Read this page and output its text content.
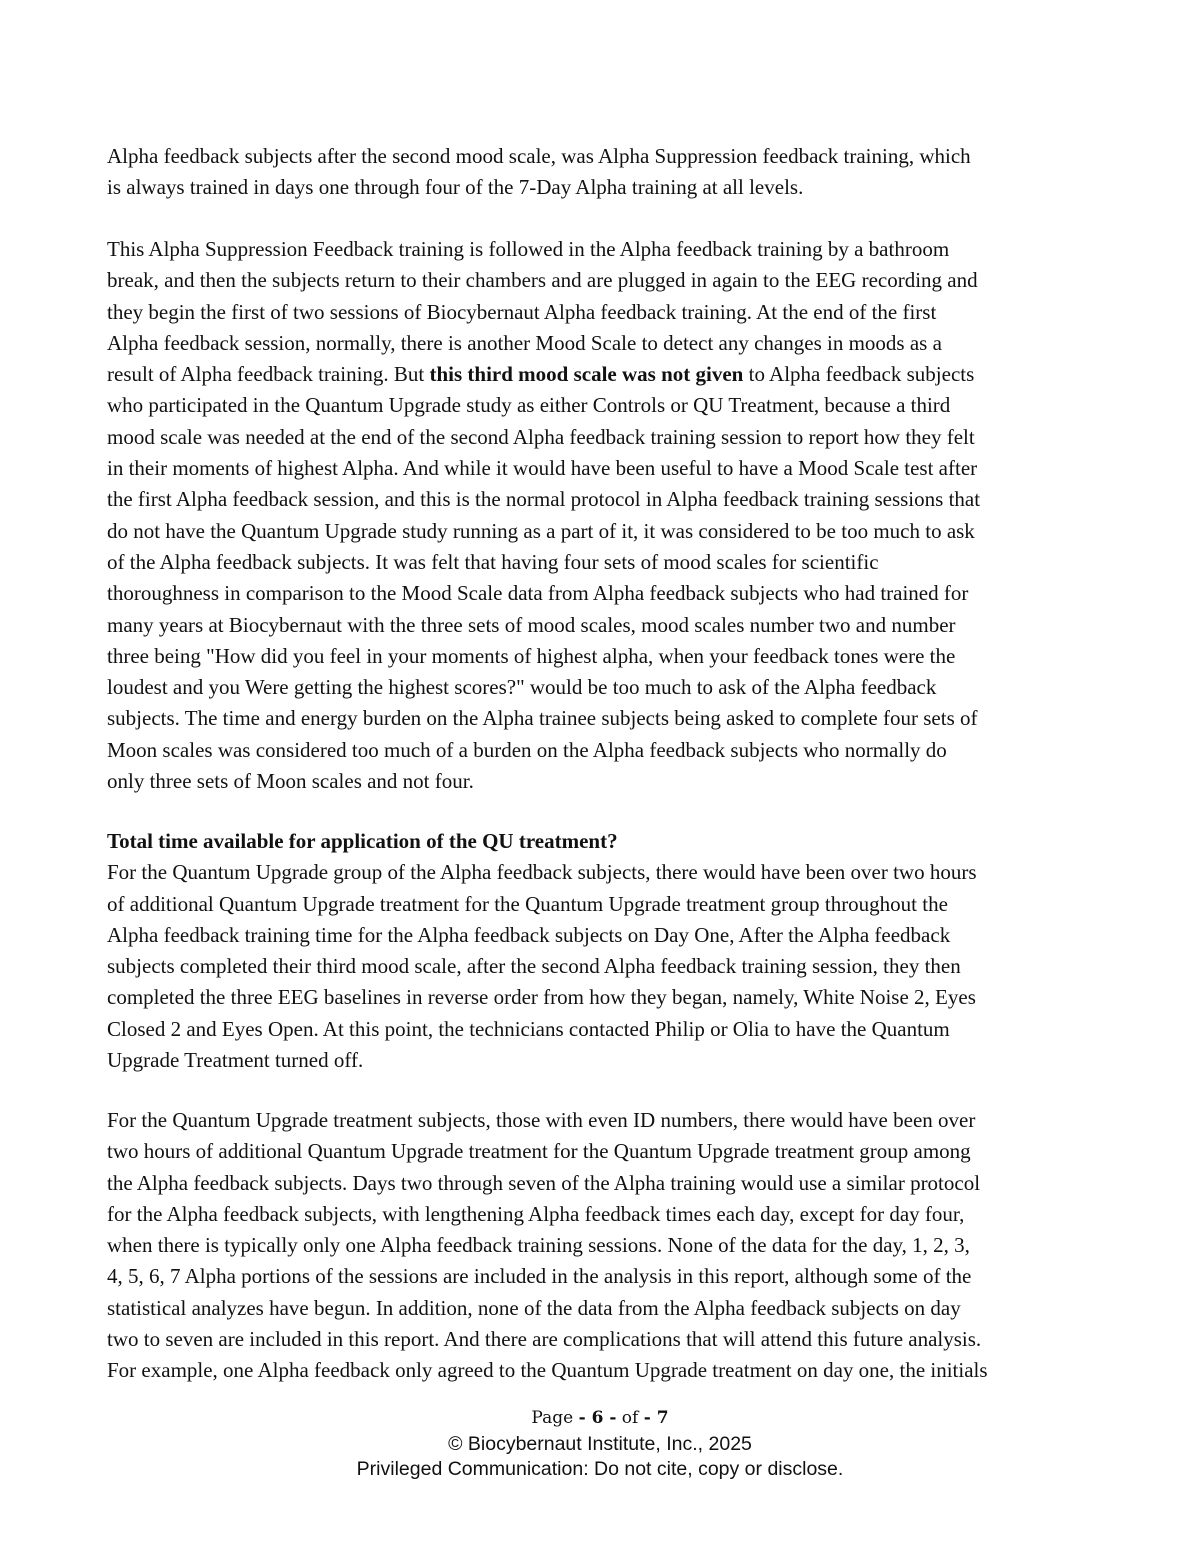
Alpha feedback subjects after the second mood scale, was Alpha Suppression feedback training, which
is always trained in days one through four of the 7-Day Alpha training at all levels.
This Alpha Suppression Feedback training is followed in the Alpha feedback training by a bathroom
break, and then the subjects return to their chambers and are plugged in again to the EEG recording and
they begin the first of two sessions of Biocybernaut Alpha feedback training. At the end of the first
Alpha feedback session, normally, there is another Mood Scale to detect any changes in moods as a
result of Alpha feedback training. But this third mood scale was not given to Alpha feedback subjects
who participated in the Quantum Upgrade study as either Controls or QU Treatment, because a third
mood scale was needed at the end of the second Alpha feedback training session to report how they felt
in their moments of highest Alpha. And while it would have been useful to have a Mood Scale test after
the first Alpha feedback session, and this is the normal protocol in Alpha feedback training sessions that
do not have the Quantum Upgrade study running as a part of it, it was considered to be too much to ask
of the Alpha feedback subjects. It was felt that having four sets of mood scales for scientific
thoroughness in comparison to the Mood Scale data from Alpha feedback subjects who had trained for
many years at Biocybernaut with the three sets of mood scales, mood scales number two and number
three being "How did you feel in your moments of highest alpha, when your feedback tones were the
loudest and you Were getting the highest scores?" would be too much to ask of the Alpha feedback
subjects. The time and energy burden on the Alpha trainee subjects being asked to complete four sets of
Moon scales was considered too much of a burden on the Alpha feedback subjects who normally do
only three sets of Moon scales and not four.
Total time available for application of the QU treatment?
For the Quantum Upgrade group of the Alpha feedback subjects, there would have been over two hours
of additional Quantum Upgrade treatment for the Quantum Upgrade treatment group throughout the
Alpha feedback training time for the Alpha feedback subjects on Day One, After the Alpha feedback
subjects completed their third mood scale, after the second Alpha feedback training session, they then
completed the three EEG baselines in reverse order from how they began, namely, White Noise 2, Eyes
Closed 2 and Eyes Open. At this point, the technicians contacted Philip or Olia to have the Quantum
Upgrade Treatment turned off.
For the Quantum Upgrade treatment subjects, those with even ID numbers, there would have been over
two hours of additional Quantum Upgrade treatment for the Quantum Upgrade treatment group among
the Alpha feedback subjects. Days two through seven of the Alpha training would use a similar protocol
for the Alpha feedback subjects, with lengthening Alpha feedback times each day, except for day four,
when there is typically only one Alpha feedback training sessions. None of the data for the day, 1, 2, 3,
4, 5, 6, 7 Alpha portions of the sessions are included in the analysis in this report, although some of the
statistical analyzes have begun. In addition, none of the data from the Alpha feedback subjects on day
two to seven are included in this report. And there are complications that will attend this future analysis.
For example, one Alpha feedback only agreed to the Quantum Upgrade treatment on day one, the initials
Page - 6 - of - 7
© Biocybernaut Institute, Inc., 2025
Privileged Communication: Do not cite, copy or disclose.
